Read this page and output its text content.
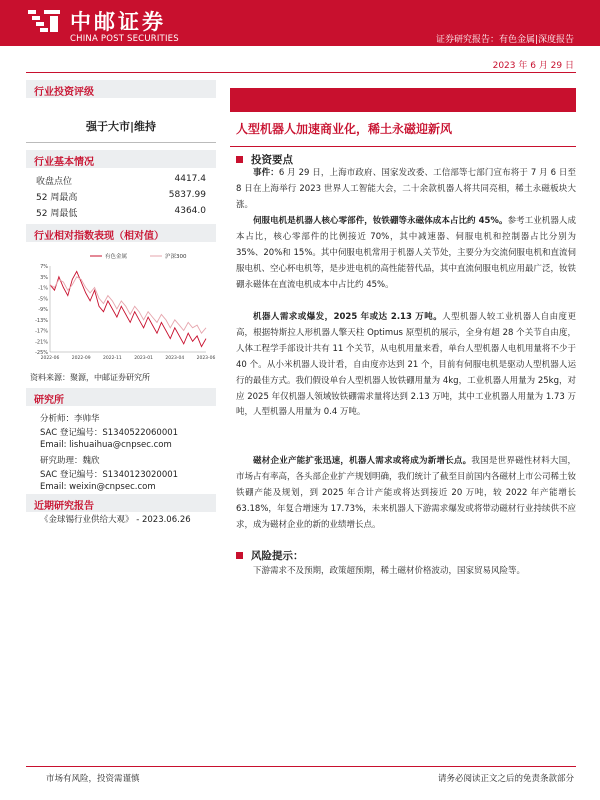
中邮证券
CHINA POST SECURITIES	证券研究报告：有色金属|深度报告
2023 年 6 月 29 日
行业投资评级
强于大市|维持
行业基本情况
收盘点位	4417.4
52 周最高	5837.99
52 周最低	4364.0
行业相对指数表现（相对值）
7%
3%
-1%
-5%
-9%
-13%
-17%
-21%
-25%
2022-06	2022-09	2022-11	2023-01	2023-04	2023-06
有色金属	沪深300
资料来源：聚源，中邮证券研究所
研究所
分析师：李帅华
SAC 登记编号：S1340522060001
Email: lishuaihua@cnpsec.com
研究助理：魏欣
SAC 登记编号：S1340123020001
Email: weixin@cnpsec.com
近期研究报告
《金球锡行业供给大观》 - 2023.06.26
人型机器人加速商业化，稀土永磁迎新风
投资要点
事件：6 月 29 日，上海市政府、国家发改委、工信部等七部门宣布将于 7 月 6 日至 8 日在上海举行 2023 世界人工智能大会，二十余款机器人将共同亮相，稀土永磁板块大涨。
伺服电机是机器人核心零部件，钕铁硼等永磁体成本占比约 45%。参考工业机器人成本占比，核心零部件的比例接近 70%，其中减速器、伺服电机和控制器占比分别为 35%、20%和 15%。其中伺服电机常用于机器人关节处，主要分为交流伺服电机和直流伺服电机、空心杯电机等，是步进电机的高性能替代品，其中直流伺服电机应用最广泛，钕铁硼永磁体在直流电机成本中占比约 45%。
机器人需求或爆发，2025 年或达 2.13 万吨。人型机器人较工业机器人自由度更高，根据特斯拉人形机器人擎天柱 Optimus 原型机的展示，全身有超 28 个关节自由度，人体工程学手部设计共有 11 个关节，从电机用量来看，单台人型机器人电机用量将不少于 40 个。从小米机器人设计看，自由度亦达到 21 个，目前有伺服电机是驱动人型机器人运行的最佳方式。我们假设单台人型机器人钕铁硼用量为 4kg，工业机器人用量为 25kg，对应 2025 年仅机器人领域钕铁硼需求量将达到 2.13 万吨，其中工业机器人用量为 1.73 万吨，人型机器人用量为 0.4 万吨。
磁材企业产能扩张迅速，机器人需求或将成为新增长点。我国是世界磁性材料大国，市场占有率高，各头部企业扩产规划明确，我们统计了截至目前国内各磁材上市公司稀土钕铁硼产能及规划，到 2025 年合计产能或将达到接近 20 万吨，较 2022 年产能增长 63.18%，年复合增速为 17.73%，未来机器人下游需求爆发或将带动磁材行业持续供不应求，成为磁材企业的新的业绩增长点。
风险提示：
下游需求不及预期，政策超预期，稀土磁材价格波动，国家贸易风险等。
市场有风险，投资需谨慎	请务必阅读正文之后的免责条款部分
